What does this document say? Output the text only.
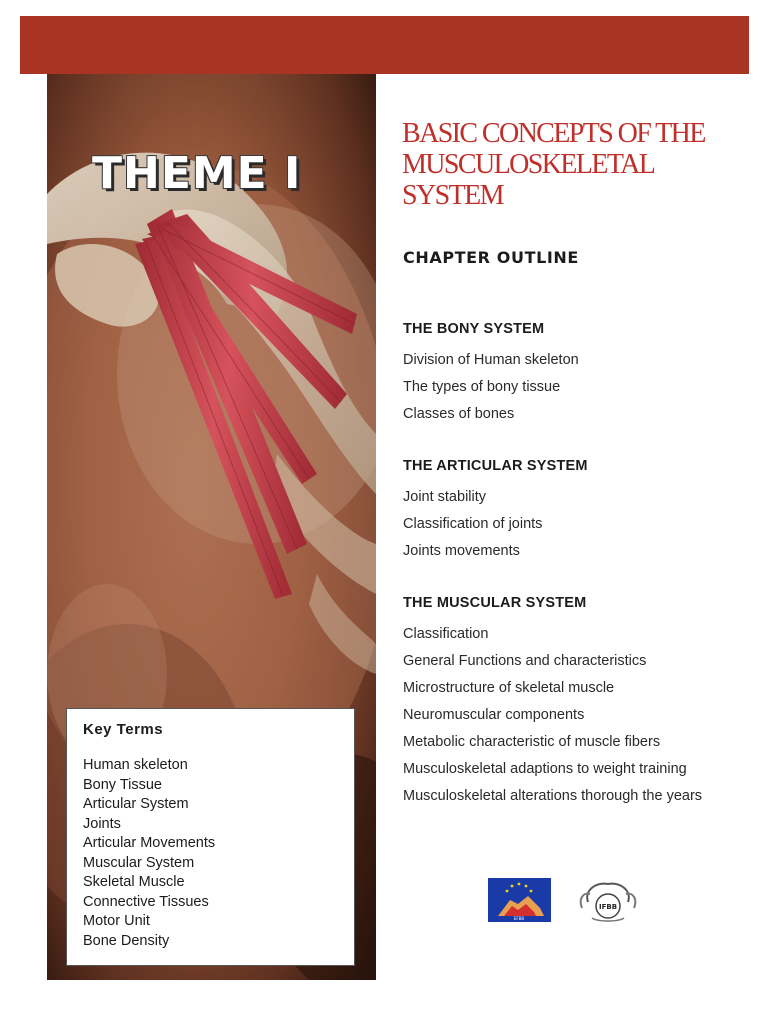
THEME I
Key Terms
Human skeleton
Bony Tissue
Articular System
Joints
Articular Movements
Muscular System
Skeletal Muscle
Connective Tissues
Motor Unit
Bone Density
BASIC CONCEPTS OF THE
MUSCULOSKELETAL
SYSTEM
CHAPTER OUTLINE
THE BONY SYSTEM
Division of Human skeleton
The types of bony tissue
Classes of bones
THE ARTICULAR SYSTEM
Joint stability
Classification of joints
Joints movements
THE MUSCULAR SYSTEM
Classification
General Functions and characteristics
Microstructure of skeletal muscle
Neuromuscular components
Metabolic characteristic of muscle fibers
Musculoskeletal adaptions to weight training
Musculoskeletal alterations thorough the years
EFBB
IFBB
